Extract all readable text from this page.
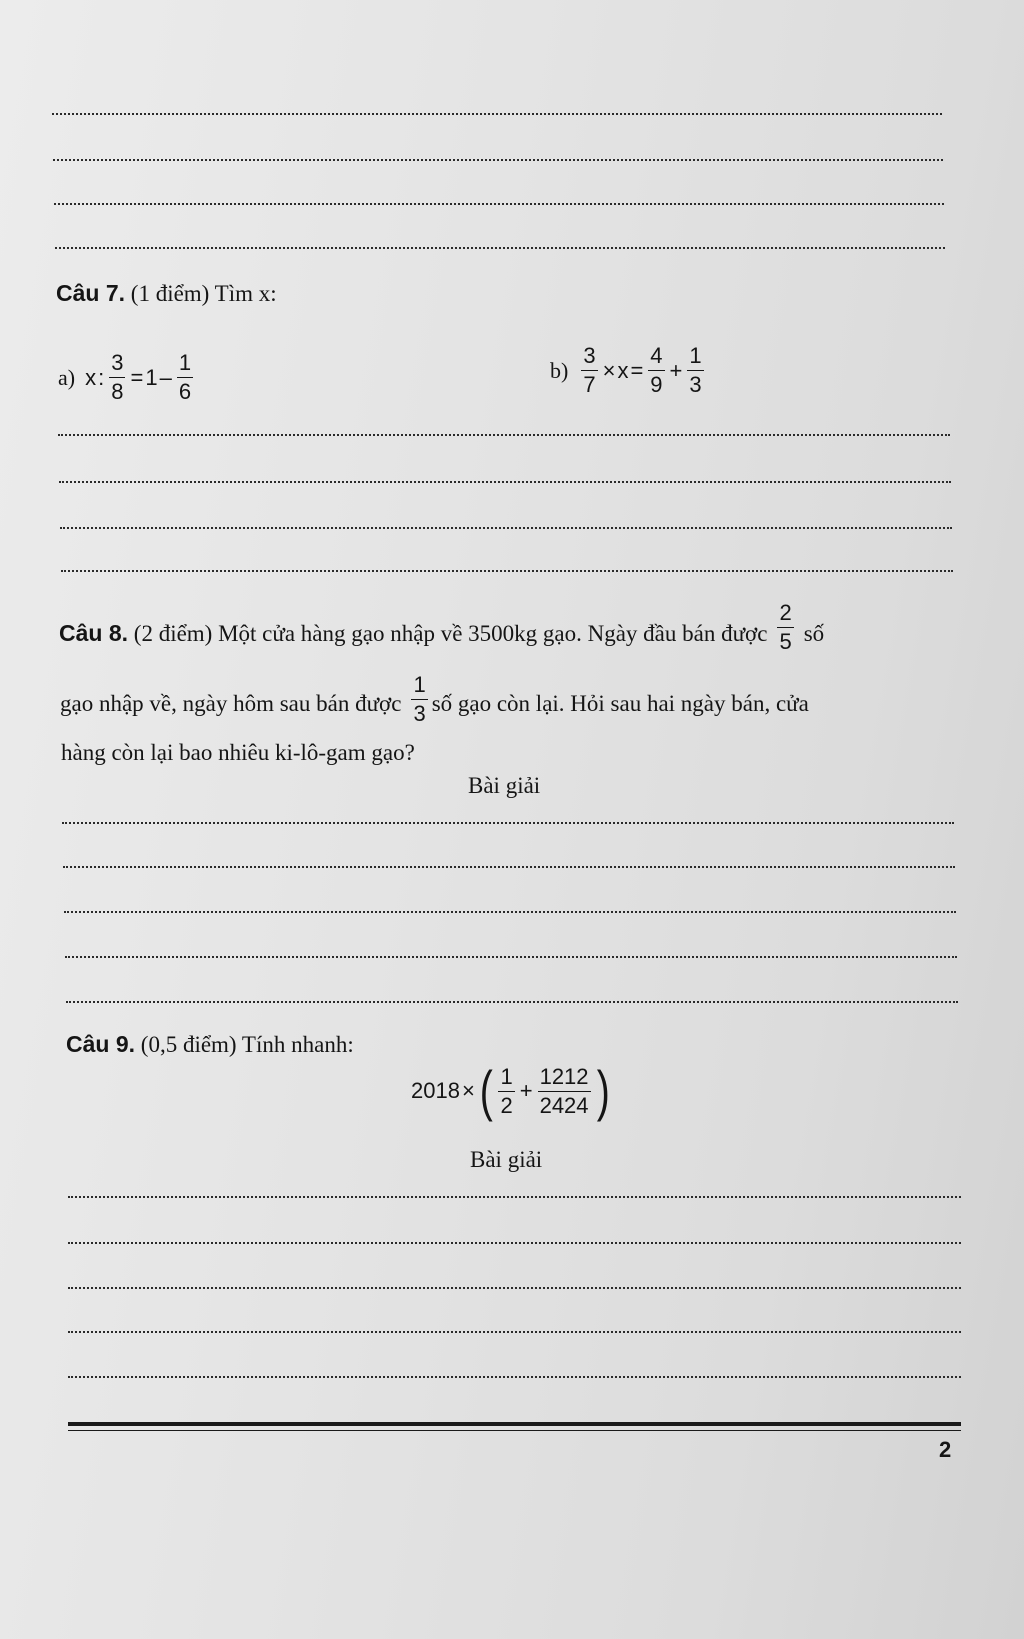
Câu 7. (1 điểm) Tìm x:
a) x : $\frac{3}{8} = 1 - \frac{1}{6}$	$b) \frac{3}{7} \times x = \frac{4}{9} + \frac{1}{3}$
Câu 8. (2 điểm) Một cửa hàng gạo nhập về 3500kg gạo. Ngày đầu bán được $\frac{2}{5}$ số
gạo nhập về, ngày hôm sau bán được $\frac{1}{3}$ số gạo còn lại. Hỏi sau hai ngày bán, cửa
hàng còn lại bao nhiêu ki-lô-gam gạo?
Bài giải
Câu 9. (0,5 điểm) Tính nhanh:
2018 × ( $\frac{1}{2} + \frac{1212}{2424}$ )
Bài giải
2
